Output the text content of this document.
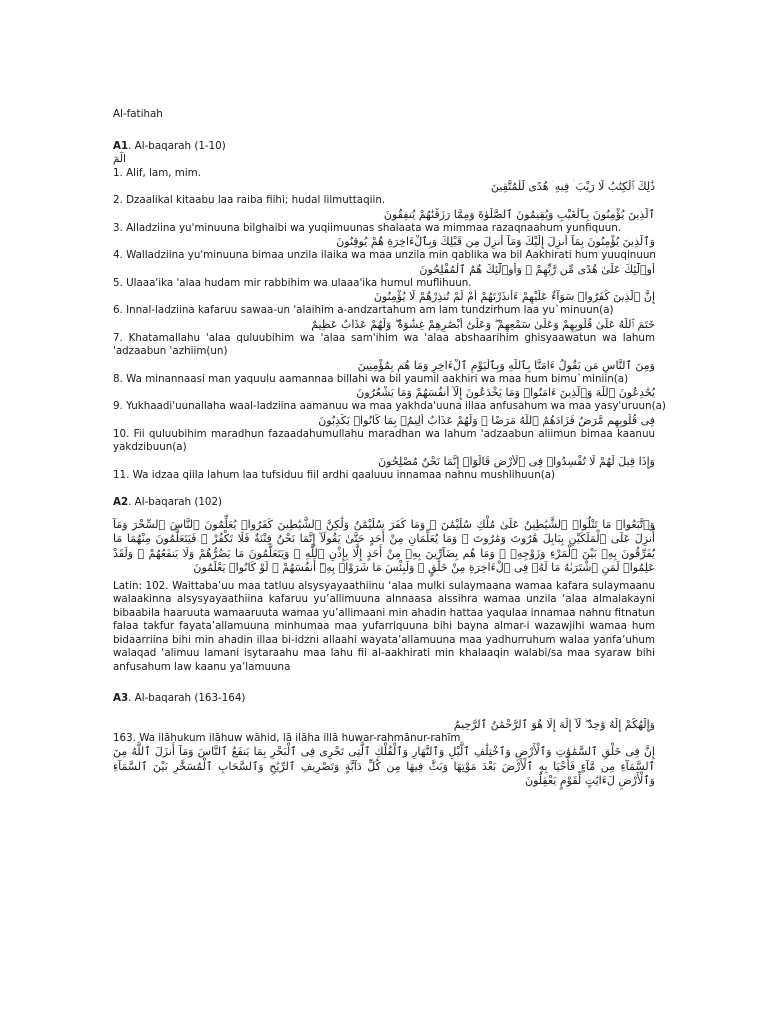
Al-fatihah
A1. Al-baqarah (1-10)
الٓمٓ
1. Alif, lam, mim.
ذَٰلِكَ ٱلْكِتَٰبُ لَا رَيْبَ ۛ فِيهِ ۛ هُدًى لِّلْمُتَّقِينَ
2. Dzaalikal kitaabu laa raiba fiihi; hudal lilmuttaqiin.
ٱلَّذِينَ يُؤْمِنُونَ بِٱلْغَيْبِ وَيُقِيمُونَ ٱلصَّلَوٰةَ وَمِمَّا رَزَقْنَٰهُمْ يُنفِقُونَ
3. Alladziina yu'minuuna bilghaibi wa yuqiimuunas shalaata wa mimmaa razaqnaahum yunfiquun.
وَٱلَّذِينَ يُؤْمِنُونَ بِمَآ أُنزِلَ إِلَيْكَ وَمَآ أُنزِلَ مِن قَبْلِكَ وَبِٱلْءَاخِرَةِ هُمْ يُوقِنُونَ
4. Walladziina yu'minuuna bimaa unzila ilaika wa maa unzila min qablika wa bil Aakhirati hum yuuqinuun
أُو۟لَٰٓئِكَ عَلَىٰ هُدًى مِّن رَّبِّهِمْ ۖ وَأُو۟لَٰٓئِكَ هُمُ ٱلْمُفْلِحُونَ
5. Ulaaa'ika 'alaa hudam mir rabbihim wa ulaaa'ika humul muflihuun.
إِنَّ ٱلَّذِينَ كَفَرُوا۟ سَوَآءٌ عَلَيْهِمْ ءَأَنذَرْتَهُمْ أَمْ لَمْ تُنذِرْهُمْ لَا يُؤْمِنُونَ
6. Innal-ladziina kafaruu sawaa-un 'alaihim a-andzartahum am lam tundzirhum laa yu`minuun(a)
خَتَمَ ٱللَّهُ عَلَىٰ قُلُوبِهِمْ وَعَلَىٰ سَمْعِهِمْ ۖ وَعَلَىٰٓ أَبْصَٰرِهِمْ غِشَٰوَةٌ ۖ وَلَهُمْ عَذَابٌ عَظِيمٌ
7. Khatamallahu 'alaa quluubihim wa 'alaa sam'ihim wa 'alaa abshaarihim ghisyaawatun wa lahum 'adzaabun 'azhiim(un)
وَمِنَ ٱلنَّاسِ مَن يَقُولُ ءَامَنَّا بِٱللَّهِ وَبِٱلْيَوْمِ ٱلْءَاخِرِ وَمَا هُم بِمُؤْمِنِينَ
8. Wa minannaasi man yaquulu aamannaa billahi wa bil yaumil aakhiri wa maa hum bimu`miniin(a)
يُخَٰدِعُونَ ٱللَّهَ وَٱلَّذِينَ ءَامَنُوا۟ وَمَا يَخْدَعُونَ إِلَّآ أَنفُسَهُمْ وَمَا يَشْعُرُونَ
9. Yukhaadi'uunallaha waal-ladziina aamanuu wa maa yakhda'uuna illaa anfusahum wa maa yasy'uruun(a)
فِى قُلُوبِهِم مَّرَضٌ فَزَادَهُمُ ٱللَّهُ مَرَضًا ۖ وَلَهُمْ عَذَابٌ أَلِيمٌۢ بِمَا كَانُوا۟ يَكْذِبُونَ
10. Fii quluubihim maradhun fazaadahumullahu maradhan wa lahum 'adzaabun aliimun bimaa kaanuu yakdzibuun(a)
وَإِذَا قِيلَ لَهُمْ لَا تُفْسِدُوا۟ فِى ٱلْأَرْضِ قَالُوٓا۟ إِنَّمَا نَحْنُ مُصْلِحُونَ
11. Wa idzaa qiila lahum laa tufsiduu fiil ardhi qaaluuu innamaa nahnu mushlihuun(a)
A2. Al-baqarah (102)
وَٱتَّبَعُوا۟ مَا تَتْلُوا۟ ٱلشَّيَٰطِينُ عَلَىٰ مُلْكِ سُلَيْمَٰنَ ۖ وَمَا كَفَرَ سُلَيْمَٰنُ وَلَٰكِنَّ ٱلشَّيَٰطِينَ كَفَرُوا۟ يُعَلِّمُونَ ٱلنَّاسَ ٱلسِّحْرَ وَمَآ أُنزِلَ عَلَى ٱلْمَلَكَيْنِ بِبَابِلَ هَٰرُوتَ وَمَٰرُوتَ ۚ وَمَا يُعَلِّمَانِ مِنْ أَحَدٍ حَتَّىٰ يَقُولَآ إِنَّمَا نَحْنُ فِتْنَةٌ فَلَا تَكْفُرْ ۖ فَيَتَعَلَّمُونَ مِنْهُمَا مَا يُفَرِّقُونَ بِهِۦ بَيْنَ ٱلْمَرْءِ وَزَوْجِهِۦ ۚ وَمَا هُم بِضَآرِّينَ بِهِۦ مِنْ أَحَدٍ إِلَّا بِإِذْنِ ٱللَّهِ ۚ وَيَتَعَلَّمُونَ مَا يَضُرُّهُمْ وَلَا يَنفَعُهُمْ ۚ وَلَقَدْ عَلِمُوا۟ لَمَنِ ٱشْتَرَىٰهُ مَا لَهُۥ فِى ٱلْءَاخِرَةِ مِنْ خَلَٰقٍ ۚ وَلَبِئْسَ مَا شَرَوْا۟ بِهِۦٓ أَنفُسَهُمْ ۚ لَوْ كَانُوا۟ يَعْلَمُونَ
Latin: 102. Waittaba’uu maa tatluu alsysyayaathiinu ‘alaa mulki sulaymaana wamaa kafara sulaymaanu walaakinna alsysyayaathiina kafaruu yu’allimuuna alnnaasa alssihra wamaa unzila ‘alaa almalakayni bibaabila haaruuta wamaaruuta wamaa yu’allimaani min ahadin hattaa yaqulaa innamaa nahnu fitnatun falaa takfur fayata’allamuuna minhumaa maa yufarriquuna bihi bayna almar-i wazawjihi wamaa hum bidaarriina bihi min ahadin illaa bi-idzni allaahi wayata’allamuuna maa yadhurruhum walaa yanfa’uhum walaqad ‘alimuu lamani isytaraahu maa lahu fii al-aakhirati min khalaaqin walabi/sa maa syaraw bihi anfusahum law kaanu ya’lamuuna
A3. Al-baqarah (163-164)
وَإِلَٰهُكُمْ إِلَٰهٌ وَٰحِدٌ ۖ لَّآ إِلَٰهَ إِلَّا هُوَ ٱلرَّحْمَٰنُ ٱلرَّحِيمُ
163. Wa ilāhukum ilāhuw wāhid, lā ilāha illā huwar-rahmānur-rahīm
إِنَّ فِى خَلْقِ ٱلسَّمَٰوَٰتِ وَٱلْأَرْضِ وَٱخْتِلَٰفِ ٱلَّيْلِ وَٱلنَّهَارِ وَٱلْفُلْكِ ٱلَّتِى تَجْرِى فِى ٱلْبَحْرِ بِمَا يَنفَعُ ٱلنَّاسَ وَمَآ أَنزَلَ ٱللَّهُ مِنَ ٱلسَّمَآءِ مِن مَّآءٍ فَأَحْيَا بِهِ ٱلْأَرْضَ بَعْدَ مَوْتِهَا وَبَثَّ فِيهَا مِن كُلِّ دَآبَّةٍ وَتَصْرِيفِ ٱلرِّيَٰحِ وَٱلسَّحَابِ ٱلْمُسَخَّرِ بَيْنَ ٱلسَّمَآءِ وَٱلْأَرْضِ لَءَايَٰتٍ لِّقَوْمٍ يَعْقِلُونَ
